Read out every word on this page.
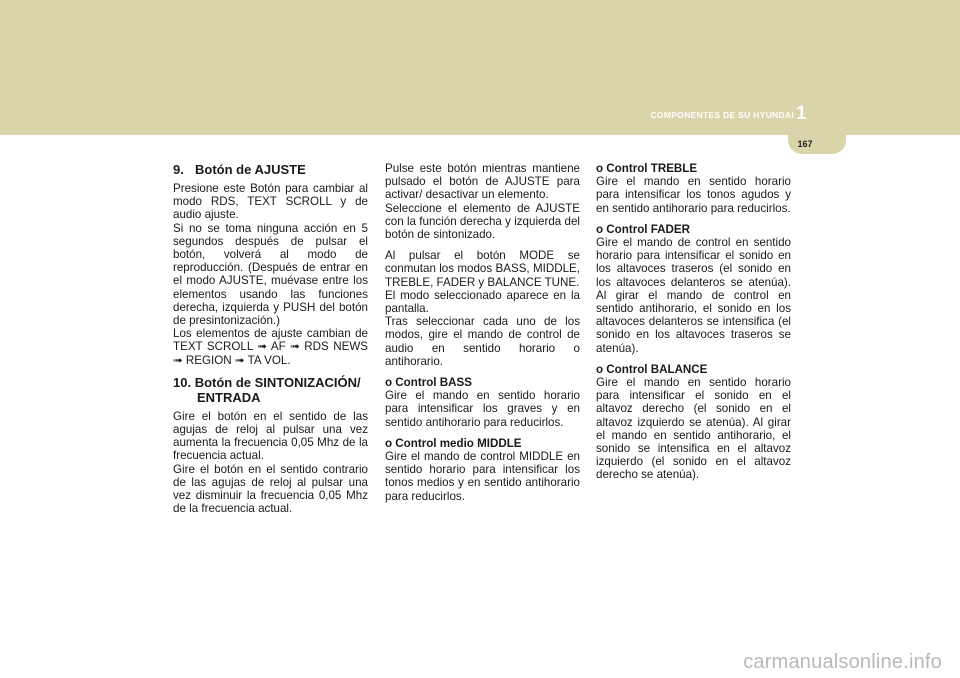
COMPONENTES DE SU HYUNDAI 1
167
9. Botón de AJUSTE

Presione este Botón para cambiar al modo RDS, TEXT SCROLL y de audio ajuste.

Si no se toma ninguna acción en 5 segundos después de pulsar el botón, volverá al modo de reproducción. (Después de entrar en el modo AJUSTE, muévase entre los elementos usando las funciones derecha, izquierda y PUSH del botón de presintonización.)

Los elementos de ajuste cambian de TEXT SCROLL ➟ AF ➟ RDS NEWS ➟ REGION ➟ TA VOL.

10. Botón de SINTONIZACIÓN/ ENTRADA

Gire el botón en el sentido de las agujas de reloj al pulsar una vez aumenta la frecuencia 0,05 Mhz de la frecuencia actual.

Gire el botón en el sentido contrario de las agujas de reloj al pulsar una vez disminuir la frecuencia 0,05 Mhz de la frecuencia actual.

Pulse este botón mientras mantiene pulsado el botón de AJUSTE para activar/ desactivar un elemento.

Seleccione el elemento de AJUSTE con la función derecha y izquierda del botón de sintonizado.

Al pulsar el botón MODE se conmutan los modos BASS, MIDDLE, TREBLE, FADER y BALANCE TUNE.

El modo seleccionado aparece en la pantalla.

Tras seleccionar cada uno de los modos, gire el mando de control de audio en sentido horario o antihorario.

o Control BASS
Gire el mando en sentido horario para intensificar los graves y en sentido antihorario para reducirlos.

o Control medio MIDDLE
Gire el mando de control MIDDLE en sentido horario para intensificar los tonos medios y en sentido antihorario para reducirlos.

o Control TREBLE
Gire el mando en sentido horario para intensificar los tonos agudos y en sentido antihorario para reducirlos.

o Control FADER
Gire el mando de control en sentido horario para intensificar el sonido en los altavoces traseros (el sonido en los altavoces delanteros se atenúa). Al girar el mando de control en sentido antihorario, el sonido en los altavoces delanteros se intensifica (el sonido en los altavoces traseros se atenúa).

o Control BALANCE
Gire el mando en sentido horario para intensificar el sonido en el altavoz derecho (el sonido en el altavoz izquierdo se atenúa). Al girar el mando en sentido antihorario, el sonido se intensifica en el altavoz izquierdo (el sonido en el altavoz derecho se atenúa).

carmanualsonline.info
